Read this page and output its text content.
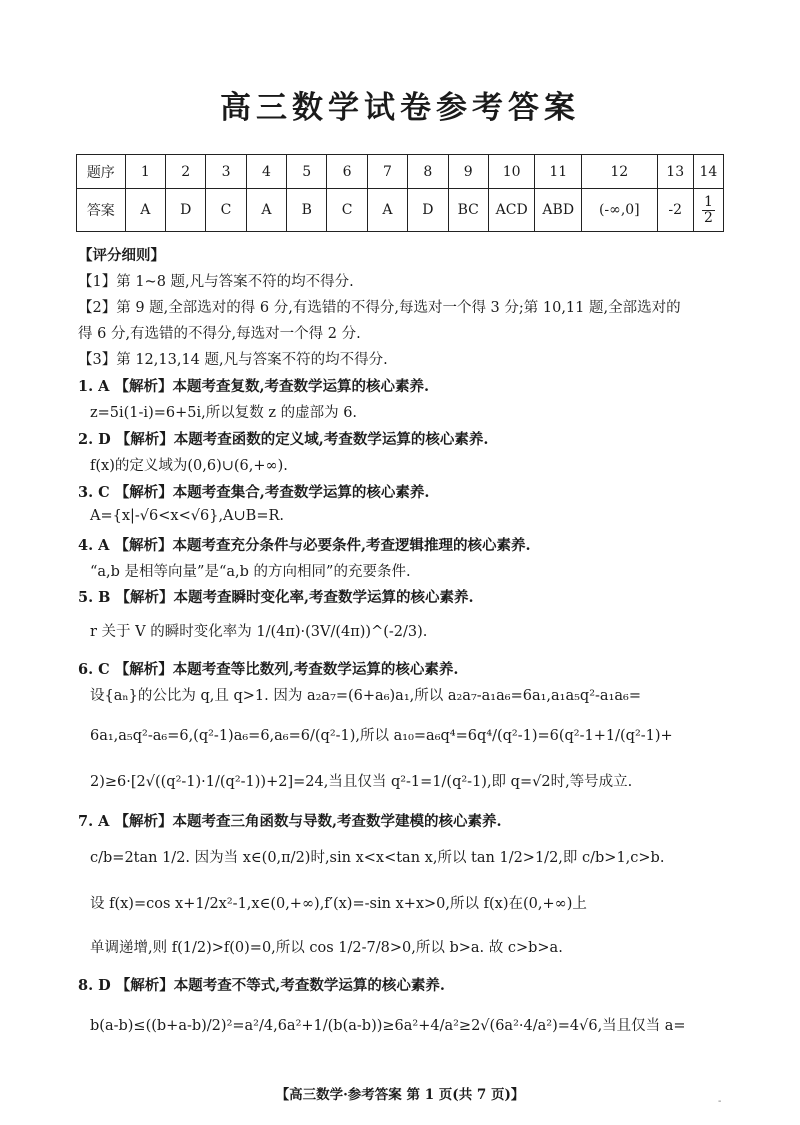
高三数学试卷参考答案
题序	1	2	3	4	5	6	7	8	9	10	11	12	13	14
答案	A	D	C	A	B	C	A	D	BC	ACD	ABD	(-∞,0]	-2	$\frac{1}{2}$
【评分细则】
【1】第 1~8 题,凡与答案不符的均不得分.
【2】第 9 题,全部选对的得 6 分,有选错的不得分,每选对一个得 3 分;第 10,11 题,全部选对的
得 6 分,有选错的不得分,每选对一个得 2 分.
【3】第 12,13,14 题,凡与答案不符的均不得分.
1. A 【解析】本题考查复数,考查数学运算的核心素养.
z=5i(1-i)=6+5i,所以复数 z 的虚部为 6.
2. D 【解析】本题考查函数的定义域,考查数学运算的核心素养.
f(x)的定义域为(0,6)∪(6,+∞).
3. C 【解析】本题考查集合,考查数学运算的核心素养.
A={x|-√6<x<√6},A∪B=R.
4. A 【解析】本题考查充分条件与必要条件,考查逻辑推理的核心素养.
“a,b 是相等向量”是“a,b 的方向相同”的充要条件.
5. B 【解析】本题考查瞬时变化率,考查数学运算的核心素养.
r 关于 V 的瞬时变化率为 1/(4π)·(3V/(4π))^(-2/3).
6. C 【解析】本题考查等比数列,考查数学运算的核心素养.
设{aₙ}的公比为 q,且 q>1. 因为 a₂a₇=(6+a₆)a₁,所以 a₂a₇-a₁a₆=6a₁,a₁a₅q²-a₁a₆=
6a₁,a₅q²-a₆=6,(q²-1)a₆=6,a₆=6/(q²-1),所以 a₁₀=a₆q⁴=6q⁴/(q²-1)=6(q²-1+1/(q²-1)+
2)≥6·[2√((q²-1)·1/(q²-1))+2]=24,当且仅当 q²-1=1/(q²-1),即 q=√2时,等号成立.
7. A 【解析】本题考查三角函数与导数,考查数学建模的核心素养.
c/b=2tan 1/2. 因为当 x∈(0,π/2)时,sin x<x<tan x,所以 tan 1/2>1/2,即 c/b>1,c>b.
设 f(x)=cos x+1/2x²-1,x∈(0,+∞),f′(x)=-sin x+x>0,所以 f(x)在(0,+∞)上
单调递增,则 f(1/2)>f(0)=0,所以 cos 1/2-7/8>0,所以 b>a. 故 c>b>a.
8. D 【解析】本题考查不等式,考查数学运算的核心素养.
b(a-b)≤((b+a-b)/2)²=a²/4,6a²+1/(b(a-b))≥6a²+4/a²≥2√(6a²·4/a²)=4√6,当且仅当 a=
【高三数学·参考答案 第 1 页(共 7 页)】	-
